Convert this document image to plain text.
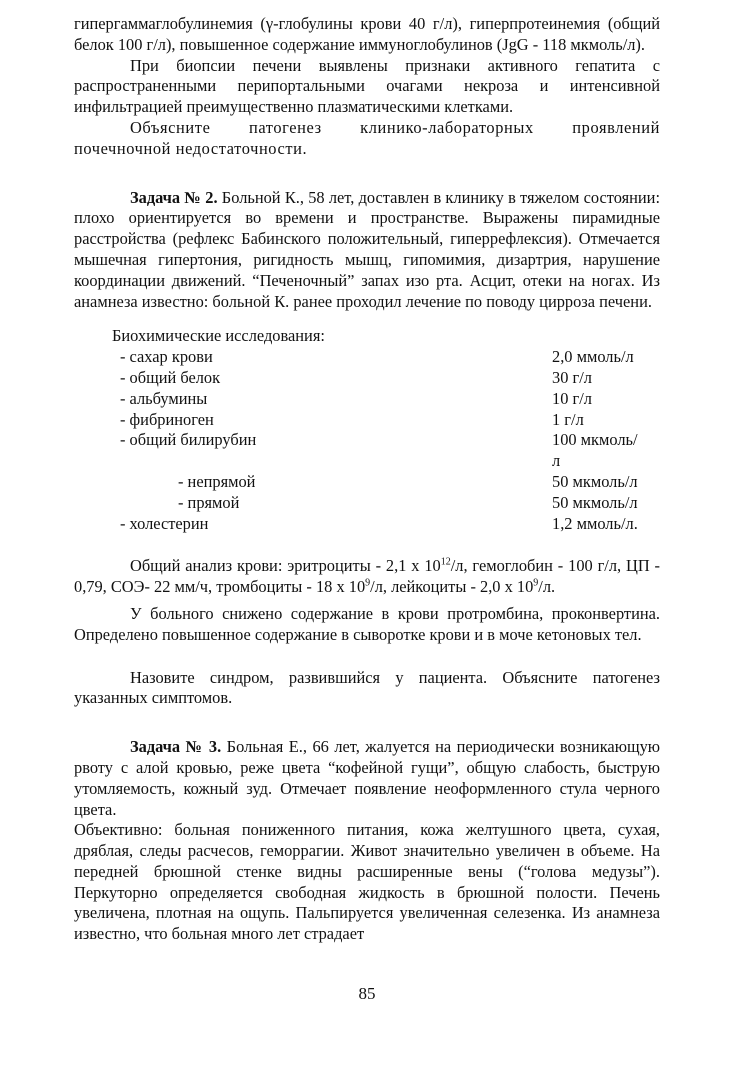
гипергаммаглобулинемия (γ-глобулины крови 40 г/л), гиперпротеинемия (общий белок 100 г/л), повышенное содержание иммуноглобулинов (JgG - 118 мкмоль/л).

При биопсии печени выявлены признаки активного гепатита с распространенными перипортальными очагами некроза и интенсивной инфильтрацией преимущественно плазматическими клетками.

Объясните патогенез клинико-лабораторных проявлений почечночной недостаточности.

Задача № 2. Больной К., 58 лет, доставлен в клинику в тяжелом состоянии: плохо ориентируется во времени и пространстве. Выражены пирамидные расстройства (рефлекс Бабинского положительный, гиперрефлексия). Отмечается мышечная гипертония, ригидность мышц, гипомимия, дизартрия, нарушение координации движений. “Печеночный” запах изо рта. Асцит, отеки на ногах. Из анамнеза известно: больной К. ранее проходил лечение по поводу цирроза печени.

Биохимические исследования:

- сахар крови	2,0 ммоль/л
- общий белок	30 г/л
- альбумины	10 г/л
- фибриноген	1 г/л
- общий билирубин	100 мкмоль/л
- непрямой	50 мкмоль/л
- прямой	50 мкмоль/л
- холестерин	1,2 ммоль/л.

Общий анализ крови: эритроциты - 2,1 x $10^{12}/л$, гемоглобин - 100 г/л, ЦП - 0,79, СОЭ- 22 мм/ч, тромбоциты - 18 x $10^9/л$, лейкоциты - 2,0 x $10^9/л$.

У больного снижено содержание в крови протромбина, проконвертина. Определено повышенное содержание в сыворотке крови и в моче кетоновых тел.

Назовите синдром, развившийся у пациента. Объясните патогенез указанных симптомов.

Задача № 3. Больная Е., 66 лет, жалуется на периодически возникающую рвоту с алой кровью, реже цвета “кофейной гущи”, общую слабость, быструю утомляемость, кожный зуд. Отмечает появление неоформленного стула черного цвета.

Объективно: больная пониженного питания, кожа желтушного цвета, сухая, дряблая, следы расчесов, геморрагии. Живот значительно увеличен в объеме. На передней брюшной стенке видны расширенные вены (“голова медузы”). Перкуторно определяется свободная жидкость в брюшной полости. Печень увеличена, плотная на ощупь. Пальпируется увеличенная селезенка. Из анамнеза известно, что больная много лет страдает

85
